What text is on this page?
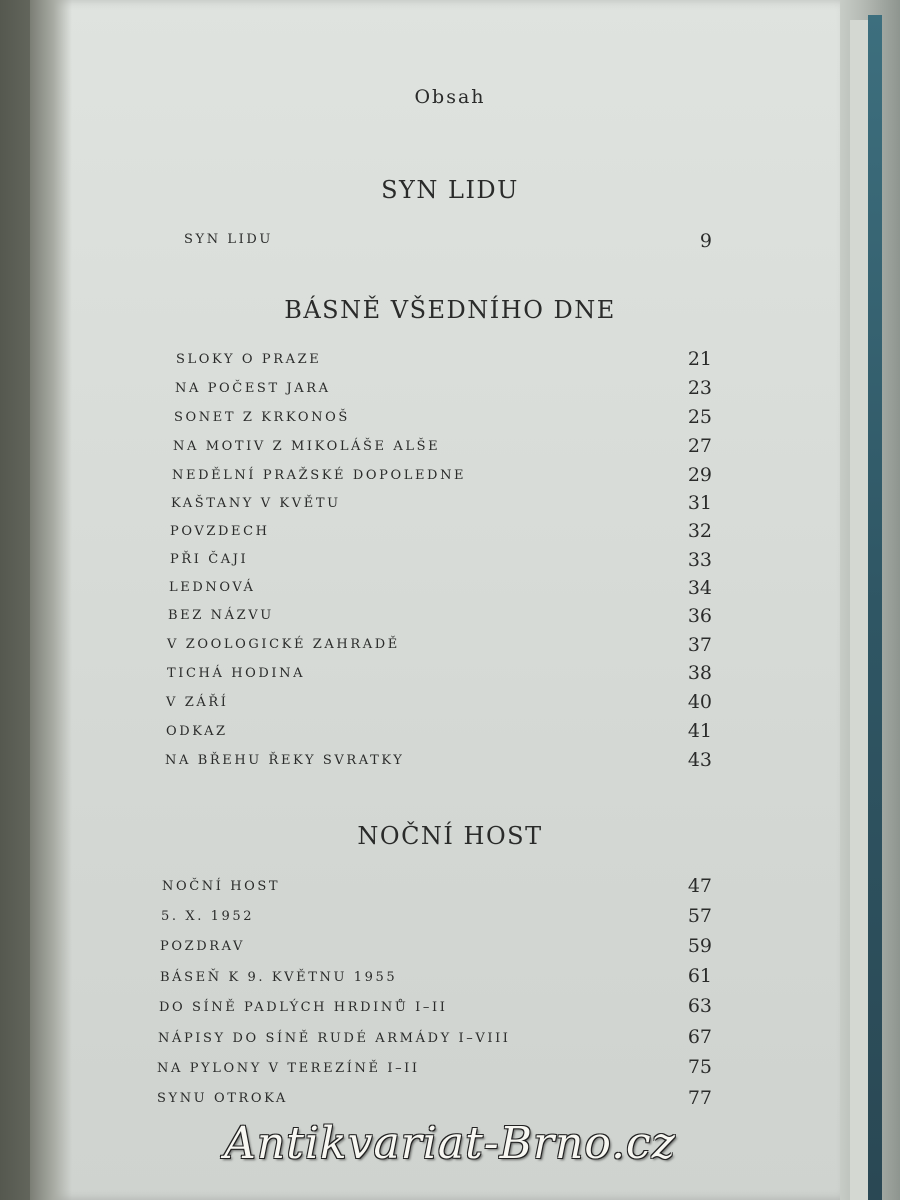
Obsah
SYN LIDU
SYN LIDU	9
BÁSNĚ VŠEDNÍHO DNE
SLOKY O PRAZE	21
NA POČEST JARA	23
SONET Z KRKONOŠ	25
NA MOTIV Z MIKOLÁŠE ALŠE	27
NEDĚLNÍ PRAŽSKÉ DOPOLEDNE	29
KAŠTANY V KVĚTU	31
POVZDECH	32
PŘI ČAJI	33
LEDNOVÁ	34
BEZ NÁZVU	36
V ZOOLOGICKÉ ZAHRADĚ	37
TICHÁ HODINA	38
V ZÁŘÍ	40
ODKAZ	41
NA BŘEHU ŘEKY SVRATKY	43
NOČNÍ HOST
NOČNÍ HOST	47
5. X. 1952	57
POZDRAV	59
BÁSEŇ K 9. KVĚTNU 1955	61
DO SÍNĚ PADLÝCH HRDINŮ I–II	63
NÁPISY DO SÍNĚ RUDÉ ARMÁDY I–VIII	67
NA PYLONY V TEREZÍNĚ I–II	75
SYNU OTROKA	77
Antikvariat-Brno.cz
